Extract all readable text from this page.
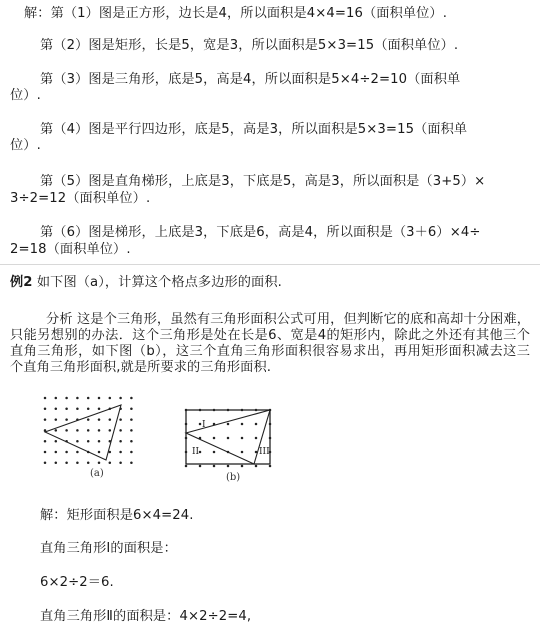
解：第（1）图是正方形，边长是4，所以面积是4×4=16（面积单位）.
第（2）图是矩形，长是5，宽是3，所以面积是5×3=15（面积单位）.
第（3）图是三角形，底是5，高是4，所以面积是5×4÷2=10（面积单
位）.
第（4）图是平行四边形，底是5，高是3，所以面积是5×3=15（面积单
位）.
第（5）图是直角梯形，上底是3，下底是5，高是3，所以面积是（3+5）×
3÷2=12（面积单位）.
第（6）图是梯形，上底是3，下底是6，高是4，所以面积是（3＋6）×4÷
2=18（面积单位）.
例2 如下图（a），计算这个格点多边形的面积.
分析 这是个三角形，虽然有三角形面积公式可用，但判断它的底和高却十分困难，只能另想别的办法．这个三角形是处在长是6、宽是4的矩形内，除此之外还有其他三个直角三角形，如下图（b），这三个直角三角形面积很容易求出，再用矩形面积减去这三个直角三角形面积,就是所要求的三角形面积.
(a)
I
II	III
(b)
解：矩形面积是6×4=24.
直角三角形Ⅰ的面积是：
6×2÷2＝6.
直角三角形Ⅱ的面积是：4×2÷2=4,
